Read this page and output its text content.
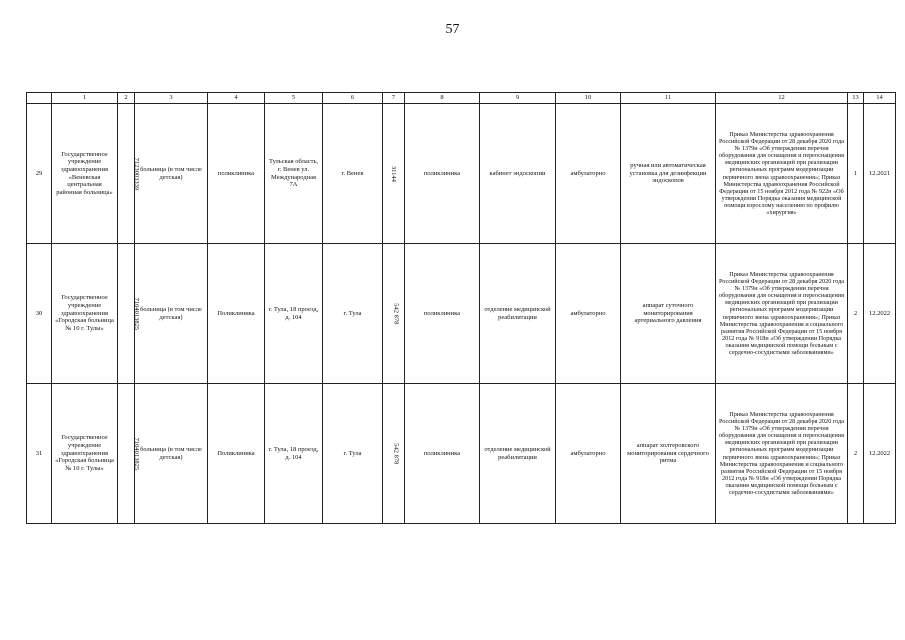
57
	1	2	3	4	5	6	7	8	9	10	11	12	13	14
29	Государственное учреждение здравоохранения «Веневская центральная районная больница»	7123003339	больница (в том числе детская)	поликлиника	Тульская область, г. Венев ул. Международная 7А	г. Венев	31144	поликлиника	кабинет эндоскопии	амбулаторно	ручная или автоматическая установка для дезинфекции эндоскопов	Приказ Министерства здравоохранения Российской Федерации от 28 декабря 2020 года № 1379н «Об утверждении перечня оборудования для оснащения и переоснащения медицинских организаций при реализации региональных программ модернизации первичного звена здравоохранения»; Приказ Министерства здравоохранения Российской Федерации от 15 ноября 2012 года № 922н «Об утверждении Порядка оказания медицинской помощи взрослому населению по профилю «хирургия»	1	12.2021
30	Государственное учреждение здравоохранения «Городская больница № 10 г. Тулы»	7104013825	больница (в том числе детская)	Поликлиника	г. Тула, 18 проезд, д. 104	г. Тула	542 878	поликлиника	отделение медицинской реабилитации	амбулаторно	аппарат суточного мониторирования артериального давления	Приказ Министерства здравоохранения Российской Федерации от 28 декабря 2020 года № 1379н «Об утверждении перечня оборудования для оснащения и переоснащения медицинских организаций при реализации региональных программ модернизации первичного звена здравоохранения»; Приказ Министерства здравоохранения и социального развития Российской Федерации от 15 ноября 2012 года № 918н «Об утверждении Порядка оказания медицинской помощи больным с сердечно-сосудистыми заболеваниями»	2	12.2022
31	Государственное учреждение здравоохранения «Городская больница № 10 г. Тулы»	7104013825	больница (в том числе детская)	Поликлиника	г. Тула, 18 проезд, д. 104	г. Тула	542 878	поликлиника	отделение медицинской реабилитации	амбулаторно	аппарат холтеровского мониторирования сердечного ритма	Приказ Министерства здравоохранения Российской Федерации от 28 декабря 2020 года № 1379н «Об утверждении перечня оборудования для оснащения и переоснащения медицинских организаций при реализации региональных программ модернизации первичного звена здравоохранения»; Приказ Министерства здравоохранения и социального развития Российской Федерации от 15 ноября 2012 года № 918н «Об утверждении Порядка оказания медицинской помощи больным с сердечно-сосудистыми заболеваниями»	2	12.2022
